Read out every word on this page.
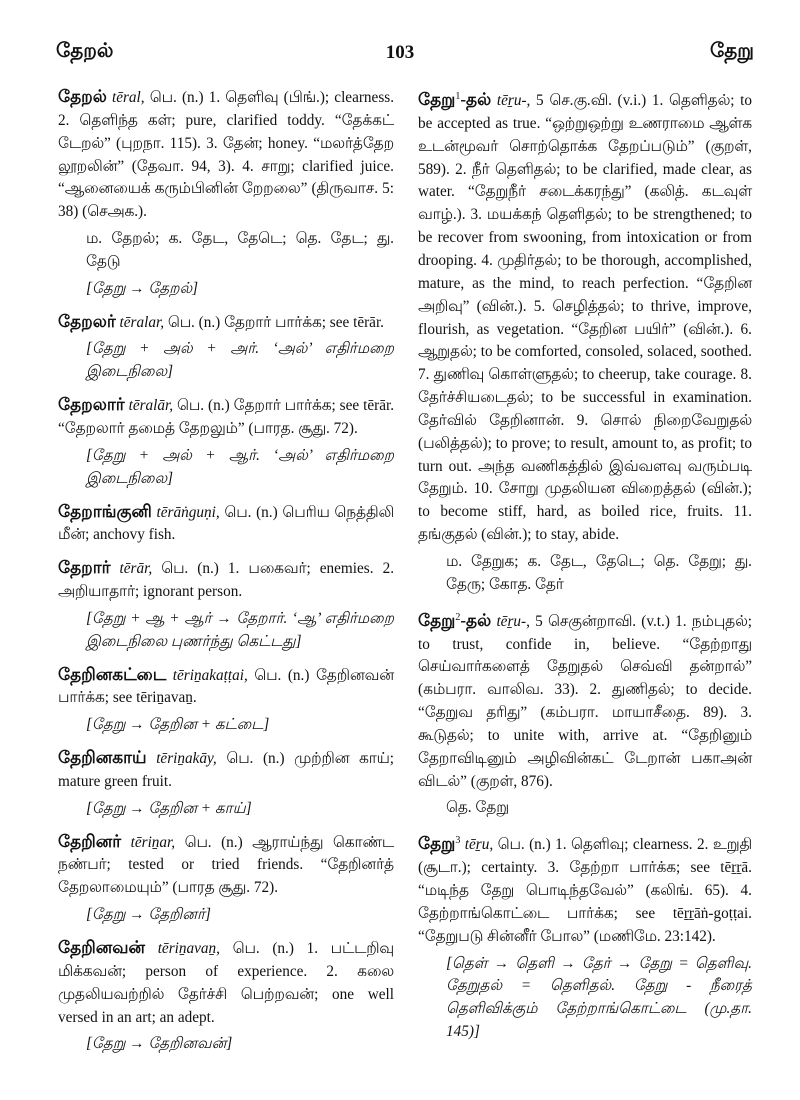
தேறல்	103	தேறு
தேறல் tēral, பெ. (n.) 1. தெளிவு (பிங்.); clearness. 2. தெளிந்த கள்; pure, clarified toddy. “தேக்கட் டேறல்” (புறநா. 115). 3. தேன்; honey. “மலர்த்தேற லூறலின்” (தேவா. 94, 3). 4. சாறு; clarified juice. “ஆனையைக் கரும்பினின் றேறலை” (திருவாச. 5: 38) (செஅக.).
ம. தேறல்; க. தேட, தேடெ; தெ. தேட; து. தேடு
[தேறு → தேறல்]
தேறலர் tēralar, பெ. (n.) தேறார் பார்க்க; see tērār.
[தேறு + அல் + அர். ‘அல்’ எதிர்மறை இடைநிலை]
தேறலார் tēralār, பெ. (n.) தேறார் பார்க்க; see tērār. “தேறலார் தமைத் தேறலும்” (பாரத. சூது. 72).
[தேறு + அல் + ஆர். ‘அல்’ எதிர்மறை இடைநிலை]
தேறாங்குனி tērāṅguṇi, பெ. (n.) பெரிய நெத்திலி மீன்; anchovy fish.
தேறார் tērār, பெ. (n.) 1. பகைவர்; enemies. 2. அறியாதார்; ignorant person.
[தேறு + ஆ + ஆர் → தேறார். ‘ஆ’ எதிர்மறை இடைநிலை புணர்ந்து கெட்டது]
தேறினகட்டை tēriṉakaṭṭai, பெ. (n.) தேறினவன் பார்க்க; see tēriṉavaṉ.
[தேறு → தேறின + கட்டை]
தேறினகாய் tēriṉakāy, பெ. (n.) முற்றின காய்; mature green fruit.
[தேறு → தேறின + காய்]
தேறினர் tēriṉar, பெ. (n.) ஆராய்ந்து கொண்ட நண்பர்; tested or tried friends. “தேறினர்த் தேறலாமையும்” (பாரத சூது. 72).
[தேறு → தேறினர்]
தேறினவன் tēriṉavaṉ, பெ. (n.) 1. பட்டறிவு மிக்கவன்; person of experience. 2. கலை முதலியவற்றில் தேர்ச்சி பெற்றவன்; one well versed in an art; an adept.
[தேறு → தேறினவன்]
தேறு$^1$-தல் tēṟu-, 5 செ.கு.வி. (v.i.) 1. தெளிதல்; to be accepted as true. “ஒற்றுஒற்று உணராமை ஆள்க உடன்மூவர் சொற்தொக்க தேறப்படும்” (குறள், 589). 2. நீர் தெளிதல்; to be clarified, made clear, as water. “தேறுநீர் சடைக்கரந்து” (கலித். கடவுள் வாழ்.). 3. மயக்கந் தெளிதல்; to be strengthened; to be recover from swooning, from intoxication or from drooping. 4. முதிர்தல்; to be thorough, accomplished, mature, as the mind, to reach perfection. “தேறின அறிவு” (வின்.). 5. செழித்தல்; to thrive, improve, flourish, as vegetation. “தேறின பயிர்” (வின்.). 6. ஆறுதல்; to be comforted, consoled, solaced, soothed. 7. துணிவு கொள்ளுதல்; to cheerup, take courage. 8. தேர்ச்சியடைதல்; to be successful in examination. தேர்வில் தேறினான். 9. சொல் நிறைவேறுதல் (பலித்தல்); to prove; to result, amount to, as profit; to turn out. அந்த வணிகத்தில் இவ்வளவு வரும்படி தேறும். 10. சோறு முதலியன விறைத்தல் (வின்.); to become stiff, hard, as boiled rice, fruits. 11. தங்குதல் (வின்.); to stay, abide.
ம. தேறுக; க. தேட, தேடெ; தெ. தேறு; து. தேரு; கோத. தேர்
தேறு$^2$-தல் tēṟu-, 5 செகுன்றாவி. (v.t.) 1. நம்புதல்; to trust, confide in, believe. “தேற்றாது செய்வார்களைத் தேறுதல் செவ்வி தன்றால்” (கம்பரா. வாலிவ. 33). 2. துணிதல்; to decide. “தேறுவ தரிது” (கம்பரா. மாயாசீதை. 89). 3. கூடுதல்; to unite with, arrive at. “தேறினும் தேறாவிடினும் அழிவின்கட் டேறான் பகாஅன் விடல்” (குறள், 876).
தெ. தேறு
தேறு$^3$ tēṟu, பெ. (n.) 1. தெளிவு; clearness. 2. உறுதி (சூடா.); certainty. 3. தேற்றா பார்க்க; see tēṟṟā. “மடிந்த தேறு பொடிந்தவேல்” (கலிங். 65). 4. தேற்றாங்கொட்டை பார்க்க; see tēṟṟāṅ-goṭṭai. “தேறுபடு சின்னீர் போல” (மணிமே. 23:142).
[தெள் → தெளி → தேர் → தேறு = தெளிவு. தேறுதல் = தெளிதல். தேறு - நீரைத் தெளிவிக்கும் தேற்றாங்கொட்டை (மு.தா. 145)]
